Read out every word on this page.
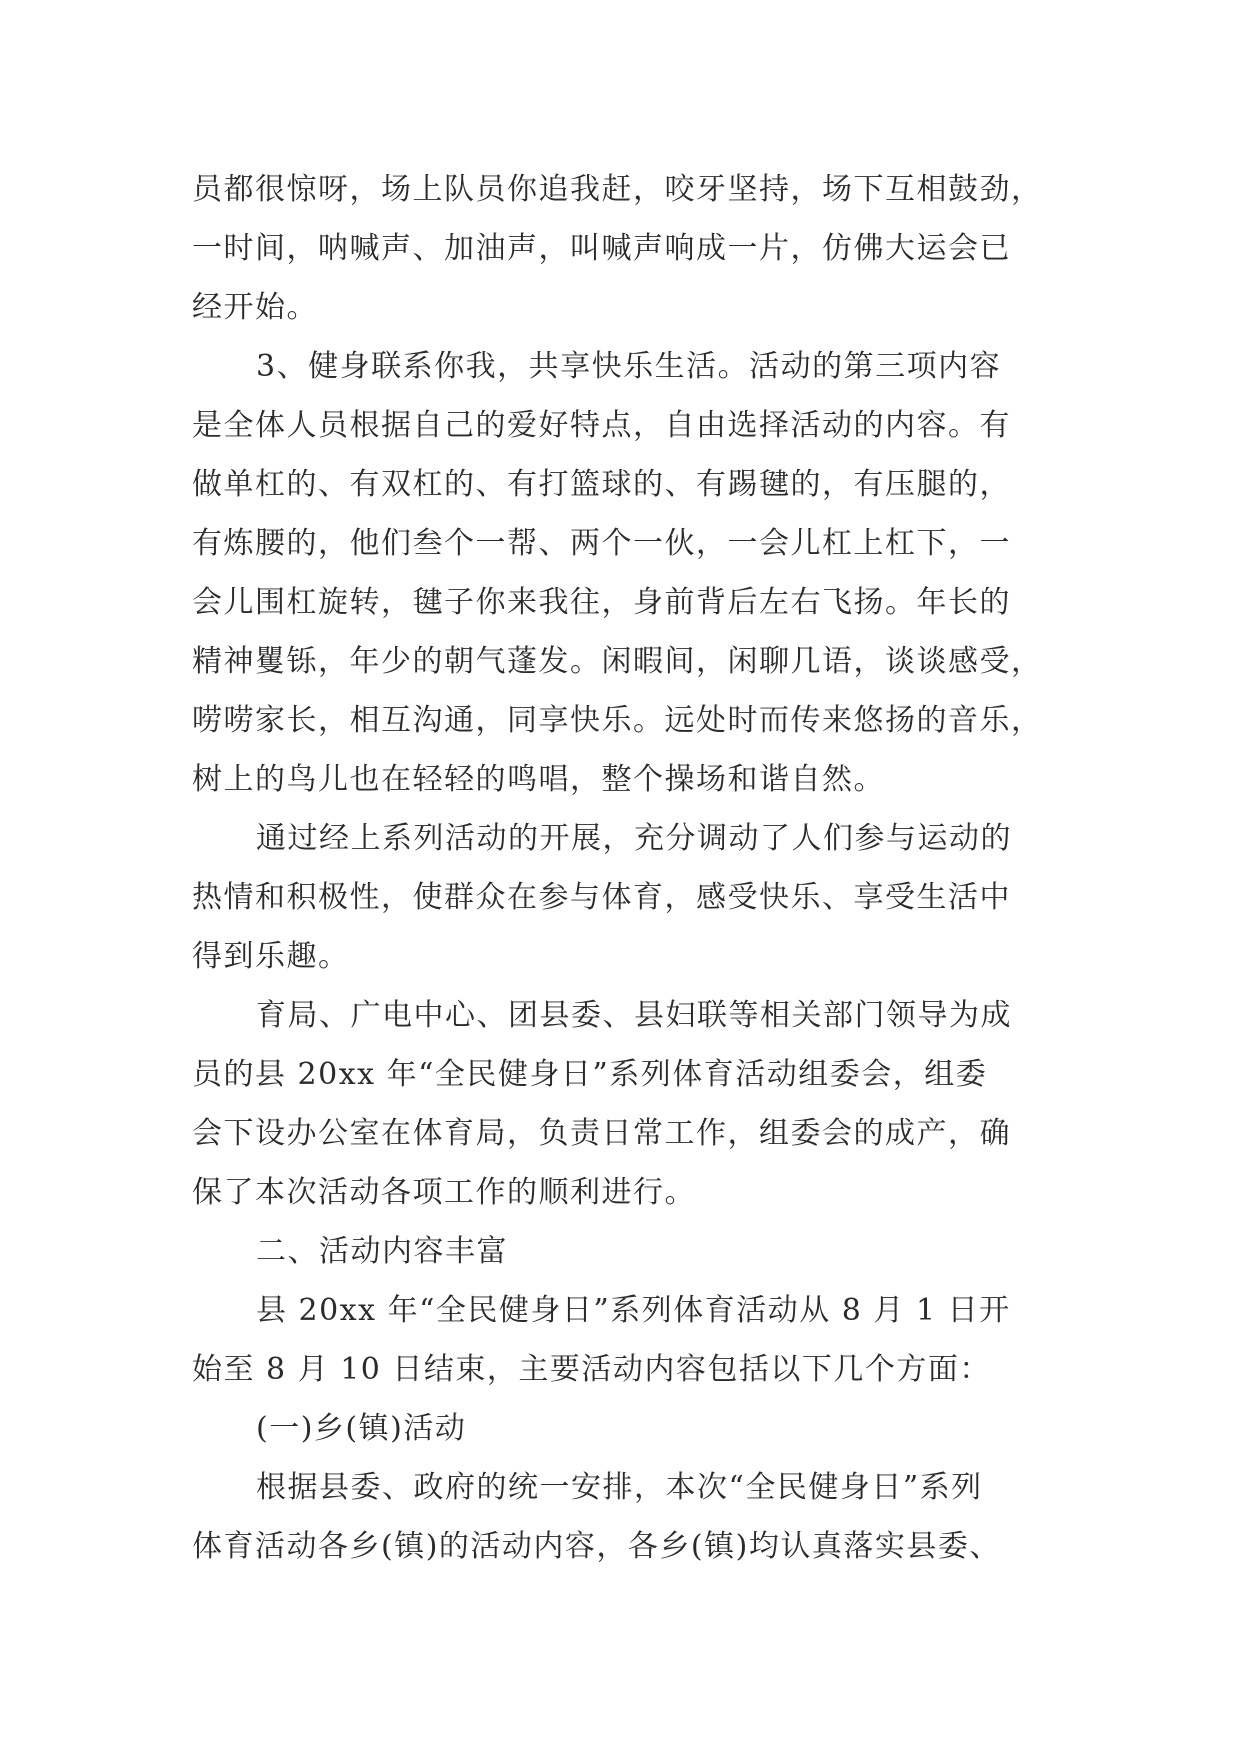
员都很惊呀，场上队员你追我赶，咬牙坚持，场下互相鼓劲，
一时间，呐喊声、加油声，叫喊声响成一片，仿佛大运会已
经开始。
3、健身联系你我，共享快乐生活。活动的第三项内容
是全体人员根据自己的爱好特点，自由选择活动的内容。有
做单杠的、有双杠的、有打篮球的、有踢毽的，有压腿的，
有炼腰的，他们叁个一帮、两个一伙，一会儿杠上杠下，一
会儿围杠旋转，毽子你来我往，身前背后左右飞扬。年长的
精神矍铄，年少的朝气蓬发。闲暇间，闲聊几语，谈谈感受，
唠唠家长，相互沟通，同享快乐。远处时而传来悠扬的音乐，
树上的鸟儿也在轻轻的鸣唱，整个操场和谐自然。
通过经上系列活动的开展，充分调动了人们参与运动的
热情和积极性，使群众在参与体育，感受快乐、享受生活中
得到乐趣。
育局、广电中心、团县委、县妇联等相关部门领导为成
员的县 20xx 年“全民健身日”系列体育活动组委会，组委
会下设办公室在体育局，负责日常工作，组委会的成产，确
保了本次活动各项工作的顺利进行。
二、活动内容丰富
县 20xx 年“全民健身日”系列体育活动从 8 月 1 日开
始至 8 月 10 日结束，主要活动内容包括以下几个方面：
(一)乡(镇)活动
根据县委、政府的统一安排，本次“全民健身日”系列
体育活动各乡(镇)的活动内容，各乡(镇)均认真落实县委、
